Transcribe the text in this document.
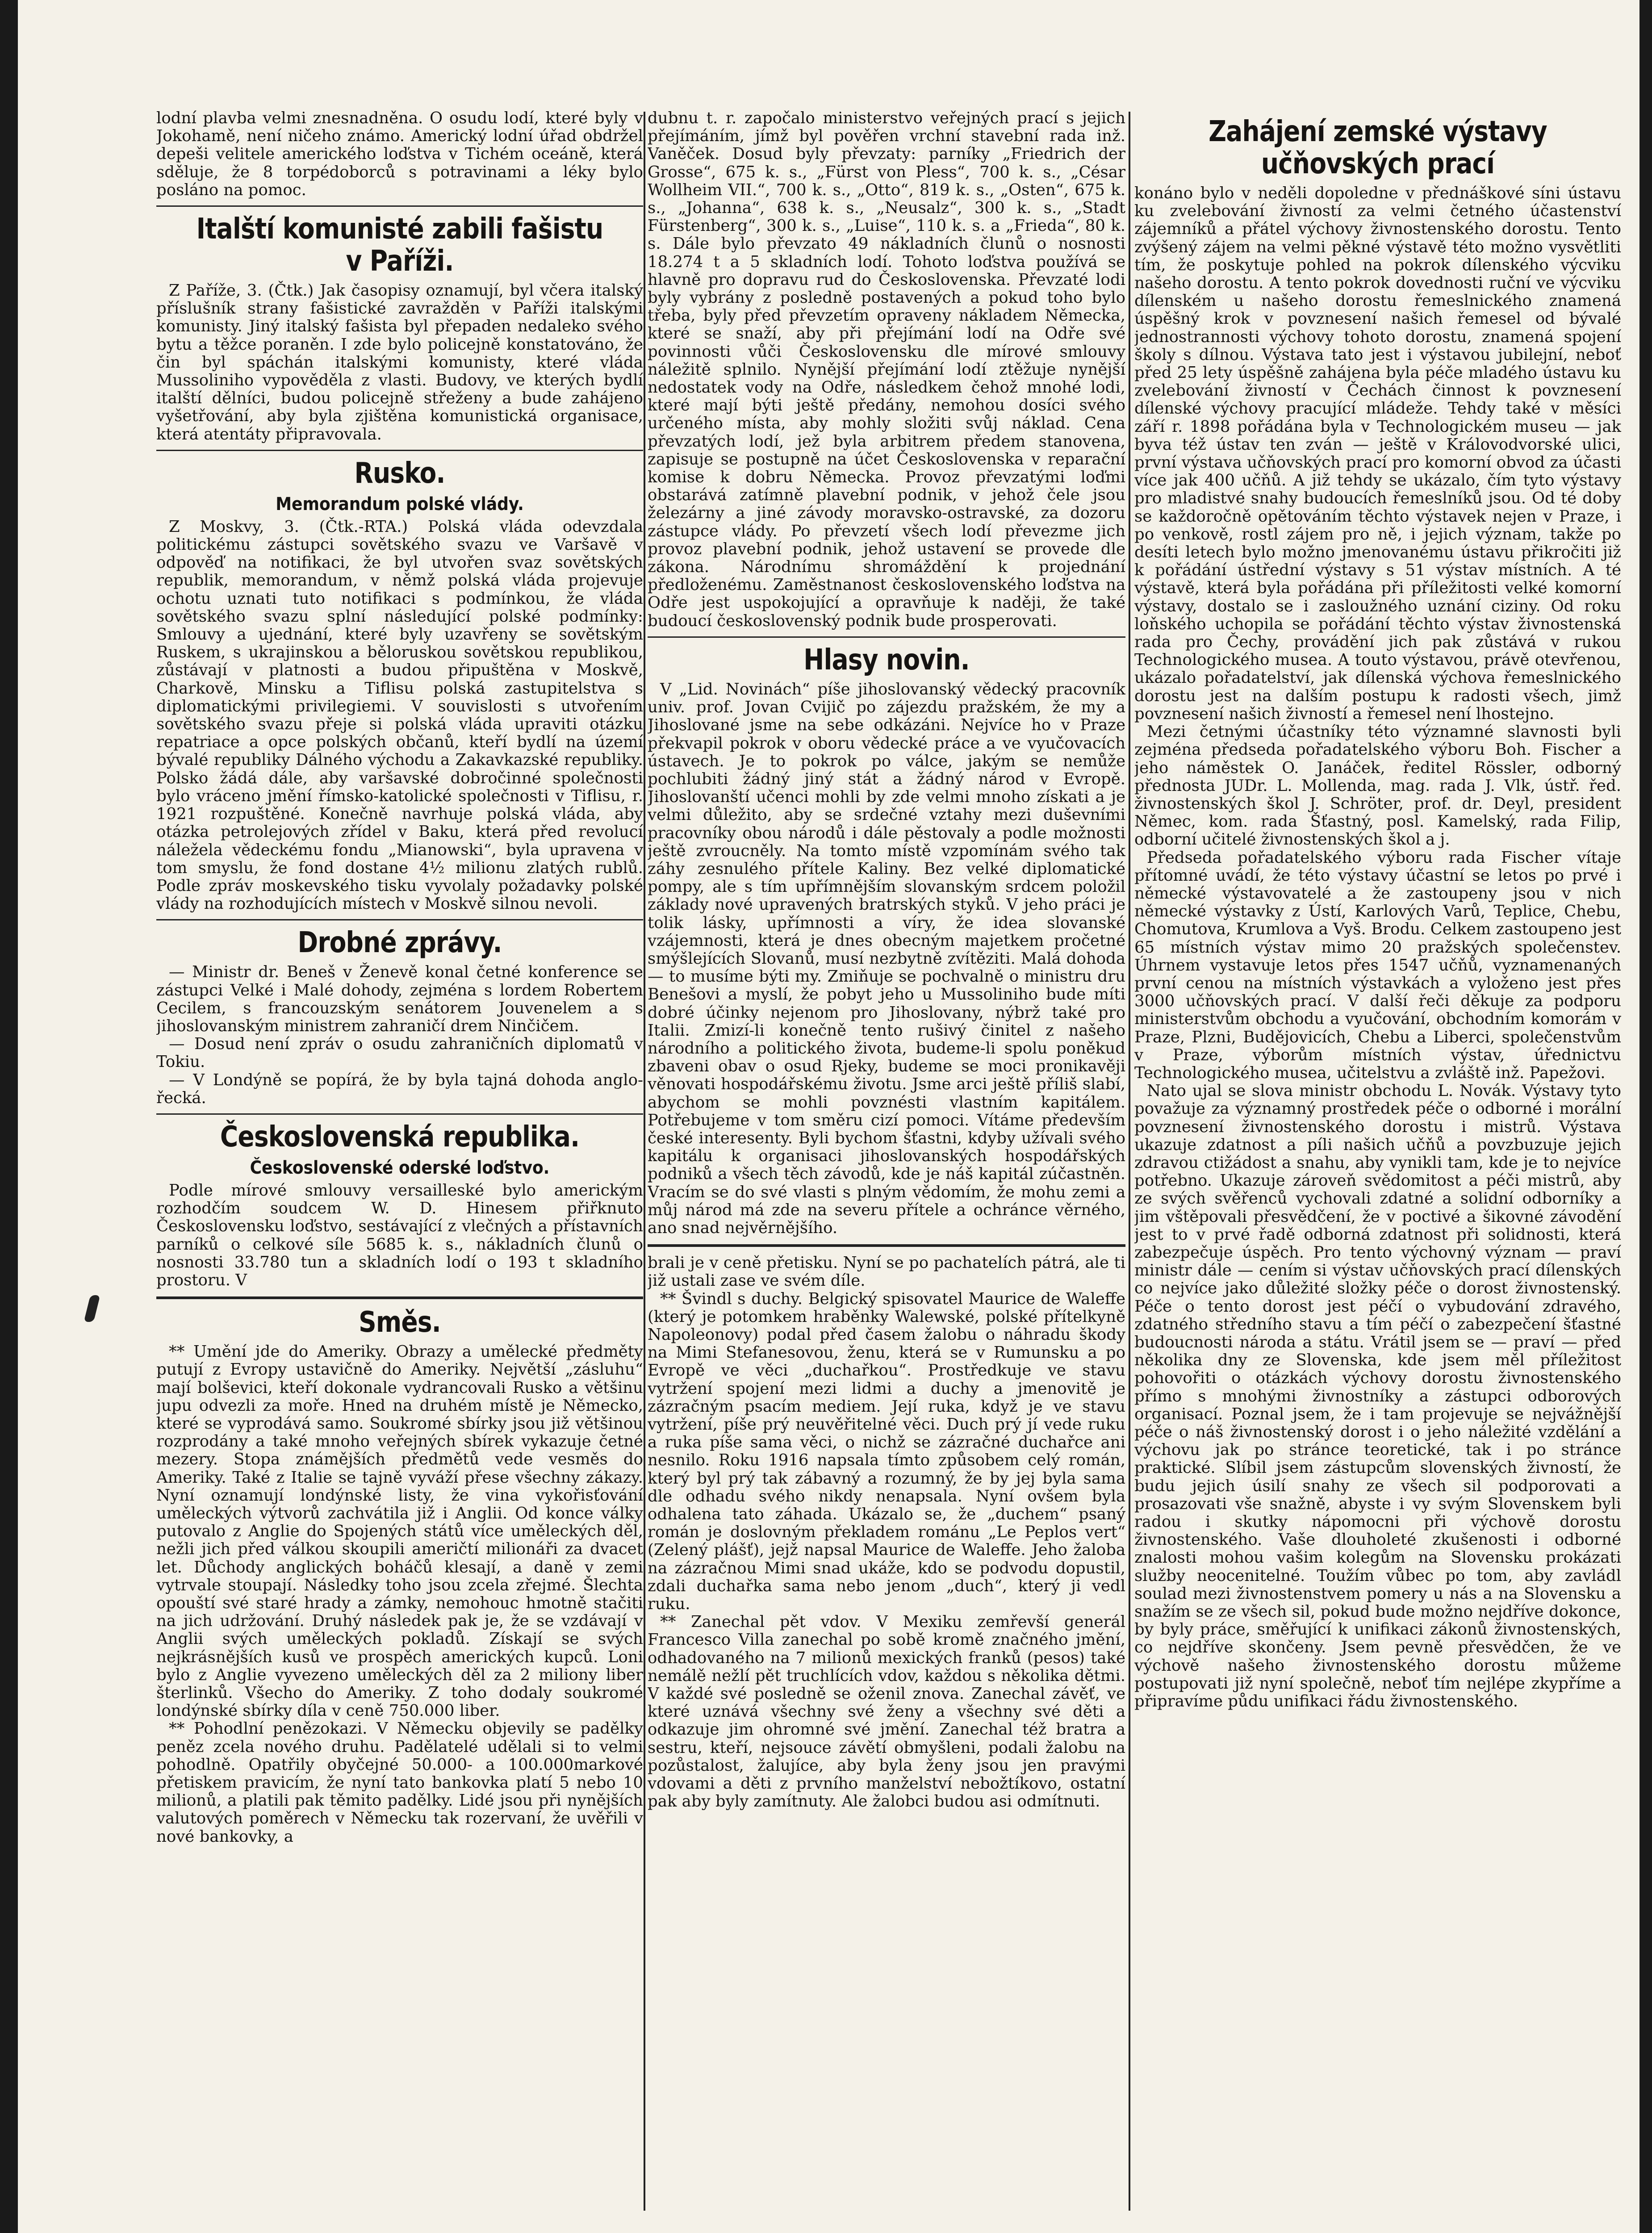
lodní plavba velmi znesnadněna. O osudu lodí, které byly v Jokohamě, není ničeho známo. Americký lodní úřad obdržel depeši velitele amerického loďstva v Tichém oceáně, která sděluje, že 8 torpédoborců s potravinami a léky bylo posláno na pomoc.

Italští komunisté zabili fašistu v Paříži.

Z Paříže, 3. (Čtk.) Jak časopisy oznamují, byl včera italský příslušník strany fašistické zavražděn v Paříži italskými komunisty. Jiný italský fašista byl přepaden nedaleko svého bytu a těžce poraněn. I zde bylo policejně konstatováno, že čin byl spáchán italskými komunisty, které vláda Mussoliniho vypověděla z vlasti. Budovy, ve kterých bydlí italští dělníci, budou policejně střeženy a bude zahájeno vyšetřování, aby byla zjištěna komunistická organisace, která atentáty připravovala.

Rusko.
Memorandum polské vlády.

Z Moskvy, 3. (Čtk.-RTA.) Polská vláda odevzdala politickému zástupci sovětského svazu ve Varšavě v odpověď na notifikaci, že byl utvořen svaz sovětských republik, memorandum, v němž polská vláda projevuje ochotu uznati tuto notifikaci s podmínkou, že vláda sovětského svazu splní následující polské podmínky: Smlouvy a ujednání, které byly uzavřeny se sovětským Ruskem, s ukrajinskou a běloruskou sovětskou republikou, zůstávají v platnosti a budou připuštěna v Moskvě, Charkově, Minsku a Tiflisu polská zastupitelstva s diplomatickými privilegiemi. V souvislosti s utvořením sovětského svazu přeje si polská vláda upraviti otázku repatriace a opce polských občanů, kteří bydlí na území bývalé republiky Dálného východu a Zakavkazské republiky. Polsko žádá dále, aby varšavské dobročinné společnosti bylo vráceno jmění římsko-katolické společnosti v Tiflisu, r. 1921 rozpuštěné. Konečně navrhuje polská vláda, aby otázka petrolejových zřídel v Baku, která před revolucí náležela vědeckému fondu „Mianowski“, byla upravena v tom smyslu, že fond dostane 4½ milionu zlatých rublů. Podle zpráv moskevského tisku vyvolaly požadavky polské vlády na rozhodujících místech v Moskvě silnou nevoli.

Drobné zprávy.

— Ministr dr. Beneš v Ženevě konal četné konference se zástupci Velké i Malé dohody, zejména s lordem Robertem Cecilem, s francouzským senátorem Jouvenelem a s jihoslovanským ministrem zahraničí drem Ninčičem.

— Dosud není zpráv o osudu zahraničních diplomatů v Tokiu.

— V Londýně se popírá, že by byla tajná dohoda anglo-řecká.

Československá republika.
Československé oderské loďstvo.

Podle mírové smlouvy versailleské bylo americkým rozhodčím soudcem W. D. Hinesem přiřknuto Československu loďstvo, sestávající z vlečných a přístavních parníků o celkové síle 5685 k. s., nákladních člunů o nosnosti 33.780 tun a skladních lodí o 193 t skladního prostoru. V

Směs.

** Umění jde do Ameriky. Obrazy a umělecké předměty putují z Evropy ustavičně do Ameriky. Největší „zásluhu“ mají bolševici, kteří dokonale vydrancovali Rusko a většinu jupu odvezli za moře. Hned na druhém místě je Německo, které se vyprodává samo. Soukromé sbírky jsou již většinou rozprodány a také mnoho veřejných sbírek vykazuje četné mezery. Stopa známějších předmětů vede vesměs do Ameriky. Také z Italie se tajně vyváží přese všechny zákazy. Nyní oznamují londýnské listy, že vina vykořisťování uměleckých výtvorů zachvátila již i Anglii. Od konce války putovalo z Anglie do Spojených států více uměleckých děl, nežli jich před válkou skoupili američtí milionáři za dvacet let. Důchody anglických boháčů klesají, a daně v zemi vytrvale stoupají. Následky toho jsou zcela zřejmé. Šlechta opouští své staré hrady a zámky, nemohouc hmotně stačiti na jich udržování. Druhý následek pak je, že se vzdávají v Anglii svých uměleckých pokladů. Získají se svých nejkrásnějších kusů ve prospěch amerických kupců. Loni bylo z Anglie vyvezeno uměleckých děl za 2 miliony liber šterlinků. Všecho do Ameriky. Z toho dodaly soukromé londýnské sbírky díla v ceně 750.000 liber.

** Pohodlní penězokazi. V Německu objevily se padělky peněz zcela nového druhu. Padělatelé udělali si to velmi pohodlně. Opatřily obyčejné 50.000- a 100.000markové přetiskem pravicím, že nyní tato bankovka platí 5 nebo 10 milionů, a platili pak těmito padělky. Lidé jsou při nynějších valutových poměrech v Německu tak rozervaní, že uvěřili v nové bankovky, a

dubnu t. r. započalo ministerstvo veřejných prací s jejich přejímáním, jímž byl pověřen vrchní stavební rada inž. Vaněček. Dosud byly převzaty: parníky „Friedrich der Grosse“, 675 k. s., „Fürst von Pless“, 700 k. s., „César Wollheim VII.“, 700 k. s., „Otto“, 819 k. s., „Osten“, 675 k. s., „Johanna“, 638 k. s., „Neusalz“, 300 k. s., „Stadt Fürstenberg“, 300 k. s., „Luise“, 110 k. s. a „Frieda“, 80 k. s. Dále bylo převzato 49 nákladních člunů o nosnosti 18.274 t a 5 skladních lodí. Tohoto loďstva používá se hlavně pro dopravu rud do Československa. Převzaté lodi byly vybrány z posledně postavených a pokud toho bylo třeba, byly před převzetím opraveny nákladem Německa, které se snaží, aby při přejímání lodí na Odře své povinnosti vůči Československu dle mírové smlouvy náležitě splnilo. Nynější přejímání lodí ztěžuje nynější nedostatek vody na Odře, následkem čehož mnohé lodi, které mají býti ještě předány, nemohou dosíci svého určeného místa, aby mohly složiti svůj náklad. Cena převzatých lodí, jež byla arbitrem předem stanovena, zapisuje se postupně na účet Československa v reparační komise k dobru Německa. Provoz převzatými loďmi obstarává zatímně plavební podnik, v jehož čele jsou železárny a jiné závody moravsko-ostravské, za dozoru zástupce vlády. Po převzetí všech lodí převezme jich provoz plavební podnik, jehož ustavení se provede dle zákona. Národnímu shromáždění k projednání předloženému. Zaměstnanost československého loďstva na Odře jest uspokojující a opravňuje k naději, že také budoucí československý podnik bude prosperovati.

Hlasy novin.

V „Lid. Novinách“ píše jihoslovanský vědecký pracovník univ. prof. Jovan Cvijič po zájezdu pražském, že my a Jihoslované jsme na sebe odkázáni. Nejvíce ho v Praze překvapil pokrok v oboru vědecké práce a ve vyučovacích ústavech. Je to pokrok po válce, jakým se nemůže pochlubiti žádný jiný stát a žádný národ v Evropě. Jihoslovanští učenci mohli by zde velmi mnoho získati a je velmi důležito, aby se srdečné vztahy mezi duševními pracovníky obou národů i dále pěstovaly a podle možnosti ještě zvroucněly. Na tomto místě vzpomínám svého tak záhy zesnulého přítele Kaliny. Bez velké diplomatické pompy, ale s tím upřímnějším slovanským srdcem položil základy nové upravených bratrských styků. V jeho práci je tolik lásky, upřímnosti a víry, že idea slovanské vzájemnosti, která je dnes obecným majetkem pročetné smýšlejících Slovanů, musí nezbytně zvítěziti. Malá dohoda — to musíme býti my. Zmiňuje se pochvalně o ministru dru Benešovi a myslí, že pobyt jeho u Mussoliniho bude míti dobré účinky nejenom pro Jihoslovany, nýbrž také pro Italii. Zmizí-li konečně tento rušivý činitel z našeho národního a politického života, budeme-li spolu poněkud zbaveni obav o osud Rjeky, budeme se moci pronikavěji věnovati hospodářskému životu. Jsme arci ještě příliš slabí, abychom se mohli povznésti vlastním kapitálem. Potřebujeme v tom směru cizí pomoci. Vítáme především české interesenty. Byli bychom šťastni, kdyby užívali svého kapitálu k organisaci jihoslovanských hospodářských podniků a všech těch závodů, kde je náš kapitál zúčastněn. Vracím se do své vlasti s plným vědomím, že mohu zemi a můj národ má zde na severu přítele a ochránce věrného, ano snad nejvěrnějšího.

brali je v ceně přetisku. Nyní se po pachatelích pátrá, ale ti již ustali zase ve svém díle.

** Švindl s duchy. Belgický spisovatel Maurice de Waleffe (který je potomkem hraběnky Walewské, polské přítelkyně Napoleonovy) podal před časem žalobu o náhradu škody na Mimi Stefanesovou, ženu, která se v Rumunsku a po Evropě ve věci „duchařkou“. Prostředkuje ve stavu vytržení spojení mezi lidmi a duchy a jmenovitě je zázračným psacím mediem. Její ruka, když je ve stavu vytržení, píše prý neuvěřitelné věci. Duch prý jí vede ruku a ruka píše sama věci, o nichž se zázračné duchařce ani nesnilo. Roku 1916 napsala tímto způsobem celý román, který byl prý tak zábavný a rozumný, že by jej byla sama dle odhadu svého nikdy nenapsala. Nyní ovšem byla odhalena tato záhada. Ukázalo se, že „duchem“ psaný román je doslovným překladem románu „Le Peplos vert“ (Zelený plášť), jejž napsal Maurice de Waleffe. Jeho žaloba na zázračnou Mimi snad ukáže, kdo se podvodu dopustil, zdali duchařka sama nebo jenom „duch“, který ji vedl ruku.

** Zanechal pět vdov. V Mexiku zemřevší generál Francesco Villa zanechal po sobě kromě značného jmění, odhadovaného na 7 milionů mexických franků (pesos) také nemálě nežlí pět truchlících vdov, každou s několika dětmi. V každé své posledně se oženil znova. Zanechal závěť, ve které uznává všechny své ženy a všechny své děti a odkazuje jim ohromné své jmění. Zanechal též bratra a sestru, kteří, nejsouce závětí obmyšleni, podali žalobu na pozůstalost, žalujíce, aby byla ženy jsou jen pravými vdovami a děti z prvního manželství nebožtíkovo, ostatní pak aby byly zamítnuty. Ale žalobci budou asi odmítnuti.

Zahájení zemské výstavy učňovských prací

konáno bylo v neděli dopoledne v přednáškové síni ústavu ku zvelebování živností za velmi četného účastenství zájemníků a přátel výchovy živnostenského dorostu. Tento zvýšený zájem na velmi pěkné výstavě této možno vysvětliti tím, že poskytuje pohled na pokrok dílenského výcviku našeho dorostu. A tento pokrok dovednosti ruční ve výcviku dílenském u našeho dorostu řemeslnického znamená úspěšný krok v povznesení našich řemesel od bývalé jednostrannosti výchovy tohoto dorostu, znamená spojení školy s dílnou. Výstava tato jest i výstavou jubilejní, neboť před 25 lety úspěšně zahájena byla péče mladého ústavu ku zvelebování živností v Čechách činnost k povznesení dílenské výchovy pracující mládeže. Tehdy také v měsíci září r. 1898 pořádána byla v Technologickém museu — jak byva též ústav ten zván — ještě v Královodvorské ulici, první výstava učňovských prací pro komorní obvod za účasti více jak 400 učňů. A již tehdy se ukázalo, čím tyto výstavy pro mladistvé snahy budoucích řemeslníků jsou. Od té doby se každoročně opětováním těchto výstavek nejen v Praze, i po venkově, rostl zájem pro ně, i jejich význam, takže po desíti letech bylo možno jmenovanému ústavu přikročiti již k pořádání ústřední výstavy s 51 výstav místních. A té výstavě, která byla pořádána při příležitosti velké komorní výstavy, dostalo se i zasloužného uznání ciziny. Od roku loňského uchopila se pořádání těchto výstav živnostenská rada pro Čechy, provádění jich pak zůstává v rukou Technologického musea. A touto výstavou, právě otevřenou, ukázalo pořadatelství, jak dílenská výchova řemeslnického dorostu jest na dalším postupu k radosti všech, jimž povznesení našich živností a řemesel není lhostejno.

Mezi četnými účastníky této významné slavnosti byli zejména předseda pořadatelského výboru Boh. Fischer a jeho náměstek O. Janáček, ředitel Rössler, odborný přednosta JUDr. L. Mollenda, mag. rada J. Vlk, ústř. řed. živnostenských škol J. Schröter, prof. dr. Deyl, president Němec, kom. rada Šťastný, posl. Kamelský, rada Filip, odborní učitelé živnostenských škol a j.

Předseda pořadatelského výboru rada Fischer vítaje přítomné uvádí, že této výstavy účastní se letos po prvé i německé výstavovatelé a že zastoupeny jsou v nich německé výstavky z Ústí, Karlových Varů, Teplice, Chebu, Chomutova, Krumlova a Vyš. Brodu. Celkem zastoupeno jest 65 místních výstav mimo 20 pražských společenstev. Úhrnem vystavuje letos přes 1547 učňů, vyznamenaných první cenou na místních výstavkách a vyloženo jest přes 3000 učňovských prací. V další řeči děkuje za podporu ministerstvům obchodu a vyučování, obchodním komorám v Praze, Plzni, Budějovicích, Chebu a Liberci, společenstvům v Praze, výborům místních výstav, úřednictvu Technologického musea, učitelstvu a zvláště inž. Papežovi.

Nato ujal se slova ministr obchodu L. Novák. Výstavy tyto považuje za významný prostředek péče o odborné i morální povznesení živnostenského dorostu i mistrů. Výstava ukazuje zdatnost a píli našich učňů a povzbuzuje jejich zdravou ctižádost a snahu, aby vynikli tam, kde je to nejvíce potřebno. Ukazuje zároveň svědomitost a péči mistrů, aby ze svých svěřenců vychovali zdatné a solidní odborníky a jim vštěpovali přesvědčení, že v poctivé a šikovné závodění jest to v prvé řadě odborná zdatnost při solidnosti, která zabezpečuje úspěch. Pro tento výchovný význam — praví ministr dále — cením si výstav učňovských prací dílenských co nejvíce jako důležité složky péče o dorost živnostenský. Péče o tento dorost jest péčí o vybudování zdravého, zdatného středního stavu a tím péčí o zabezpečení šťastné budoucnosti národa a státu. Vrátil jsem se — praví — před několika dny ze Slovenska, kde jsem měl příležitost pohovořiti o otázkách výchovy dorostu živnostenského přímo s mnohými živnostníky a zástupci odborových organisací. Poznal jsem, že i tam projevuje se nejvážnější péče o náš živnostenský dorost i o jeho náležité vzdělání a výchovu jak po stránce teoretické, tak i po stránce praktické. Slíbil jsem zástupcům slovenských živností, že budu jejich úsilí snahy ze všech sil podporovati a prosazovati vše snažně, abyste i vy svým Slovenskem byli radou i skutky nápomocni při výchově dorostu živnostenského. Vaše dlouholeté zkušenosti i odborné znalosti mohou vašim kolegům na Slovensku prokázati služby neocenitelné. Toužím vůbec po tom, aby zavládl soulad mezi živnostenstvem pomery u nás a na Slovensku a snažím se ze všech sil, pokud bude možno nejdříve dokonce, by byly práce, směřující k unifikaci zákonů živnostenských, co nejdříve skončeny. Jsem pevně přesvědčen, že ve výchově našeho živnostenského dorostu můžeme postupovati již nyní společně, neboť tím nejlépe zkypříme a připravíme půdu unifikaci řádu živnostenského.
